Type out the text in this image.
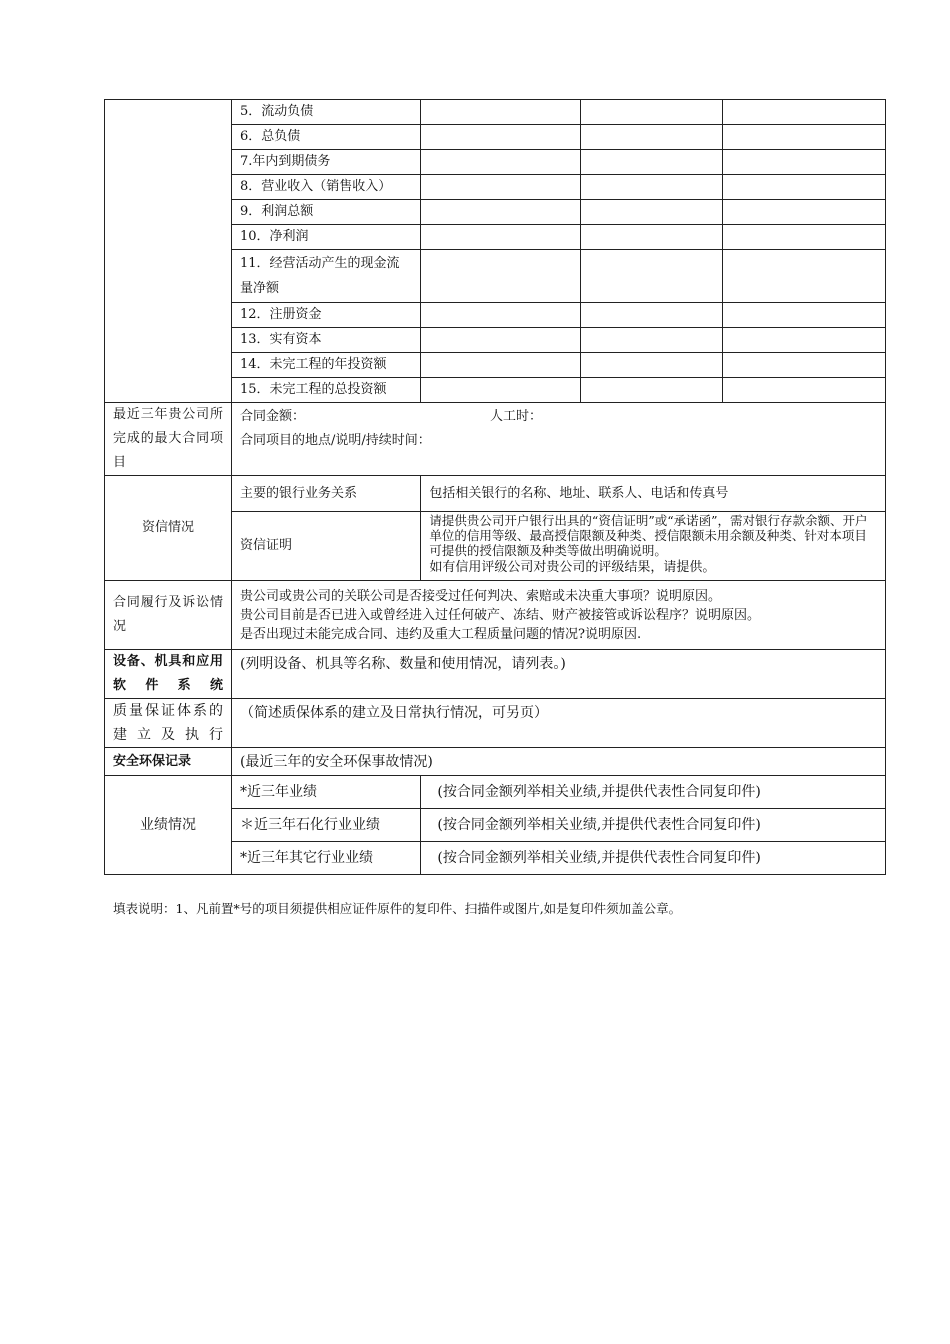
	5．流动负债			
	6．总负债			
	7.年内到期债务			
	8．营业收入（销售收入）			
	9．利润总额			
	10．净利润			
	11．经营活动产生的现金流量净额			
	12．注册资金			
	13．实有资本			
	14．未完工程的年投资额			
	15．未完工程的总投资额			
最近三年贵公司所完成的最大合同项目	合同金额： 人工时：
合同项目的地点/说明/持续时间：			

资信情况	主要的银行业务关系	包括相关银行的名称、地址、联系人、电话和传真号		
	资信证明	请提供贵公司开户银行出具的“资信证明”或“承诺函”，需对银行存款余额、开户单位的信用等级、最高授信限额及种类、授信限额未用余额及种类、针对本项目可提供的授信限额及种类等做出明确说明。
如有信用评级公司对贵公司的评级结果，请提供。		

合同履行及诉讼情况	贵公司或贵公司的关联公司是否接受过任何判决、索赔或未决重大事项？说明原因。
贵公司目前是否已进入或曾经进入过任何破产、冻结、财产被接管或诉讼程序？说明原因。
是否出现过未能完成合同、违约及重大工程质量问题的情况?说明原因.			

设备、机具和应用软件系统	(列明设备、机具等名称、数量和使用情况，请列表。)			
质量保证体系的建立及执行	（简述质保体系的建立及日常执行情况，可另页）			
安全环保记录	(最近三年的安全环保事故情况)			
业绩情况	*近三年业绩	(按合同金额列举相关业绩,并提供代表性合同复印件)		
	＊近三年石化行业业绩	(按合同金额列举相关业绩,并提供代表性合同复印件)		
	*近三年其它行业业绩	(按合同金额列举相关业绩,并提供代表性合同复印件)		
填表说明：1、凡前置*号的项目须提供相应证件原件的复印件、扫描件或图片,如是复印件须加盖公章。
